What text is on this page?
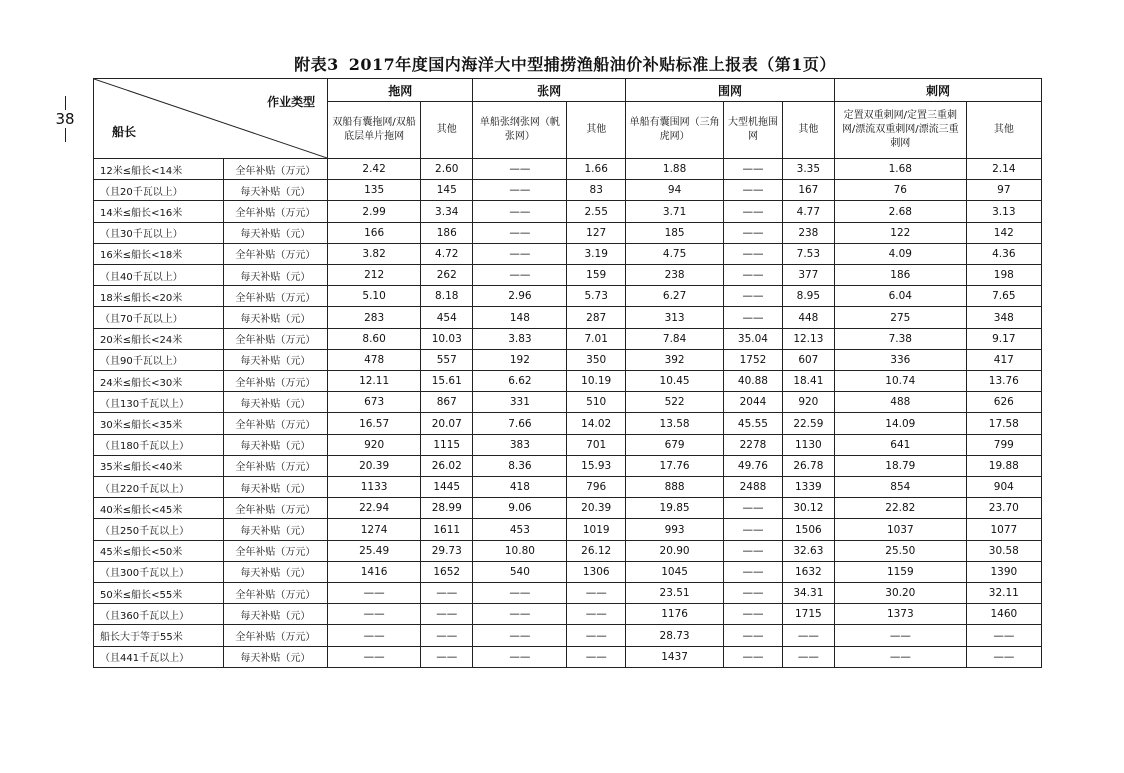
38
附表3 2017年度国内海洋大中型捕捞渔船油价补贴标准上报表（第1页）
作业类型
船长		拖网		张网		围网			刺网	
		双船有囊拖网/双船底层单片拖网	其他	单船张纲张网（帆张网）	其他	单船有囊围网（三角虎网）	大型机拖围网	其他	定置双重刺网/定置三重刺网/漂流双重刺网/漂流三重刺网	其他
12米≤船长<14米	全年补贴（万元）	2.42	2.60	——	1.66	1.88	——	3.35	1.68	2.14
（且20千瓦以上）	每天补贴（元）	135	145	——	83	94	——	167	76	97
14米≤船长<16米	全年补贴（万元）	2.99	3.34	——	2.55	3.71	——	4.77	2.68	3.13
（且30千瓦以上）	每天补贴（元）	166	186	——	127	185	——	238	122	142
16米≤船长<18米	全年补贴（万元）	3.82	4.72	——	3.19	4.75	——	7.53	4.09	4.36
（且40千瓦以上）	每天补贴（元）	212	262	——	159	238	——	377	186	198
18米≤船长<20米	全年补贴（万元）	5.10	8.18	2.96	5.73	6.27	——	8.95	6.04	7.65
（且70千瓦以上）	每天补贴（元）	283	454	148	287	313	——	448	275	348
20米≤船长<24米	全年补贴（万元）	8.60	10.03	3.83	7.01	7.84	35.04	12.13	7.38	9.17
（且90千瓦以上）	每天补贴（元）	478	557	192	350	392	1752	607	336	417
24米≤船长<30米	全年补贴（万元）	12.11	15.61	6.62	10.19	10.45	40.88	18.41	10.74	13.76
（且130千瓦以上）	每天补贴（元）	673	867	331	510	522	2044	920	488	626
30米≤船长<35米	全年补贴（万元）	16.57	20.07	7.66	14.02	13.58	45.55	22.59	14.09	17.58
（且180千瓦以上）	每天补贴（元）	920	1115	383	701	679	2278	1130	641	799
35米≤船长<40米	全年补贴（万元）	20.39	26.02	8.36	15.93	17.76	49.76	26.78	18.79	19.88
（且220千瓦以上）	每天补贴（元）	1133	1445	418	796	888	2488	1339	854	904
40米≤船长<45米	全年补贴（万元）	22.94	28.99	9.06	20.39	19.85	——	30.12	22.82	23.70
（且250千瓦以上）	每天补贴（元）	1274	1611	453	1019	993	——	1506	1037	1077
45米≤船长<50米	全年补贴（万元）	25.49	29.73	10.80	26.12	20.90	——	32.63	25.50	30.58
（且300千瓦以上）	每天补贴（元）	1416	1652	540	1306	1045	——	1632	1159	1390
50米≤船长<55米	全年补贴（万元）	——	——	——	——	23.51	——	34.31	30.20	32.11
（且360千瓦以上）	每天补贴（元）	——	——	——	——	1176	——	1715	1373	1460
船长大于等于55米	全年补贴（万元）	——	——	——	——	28.73	——	——	——	——
（且441千瓦以上）	每天补贴（元）	——	——	——	——	1437	——	——	——	——
